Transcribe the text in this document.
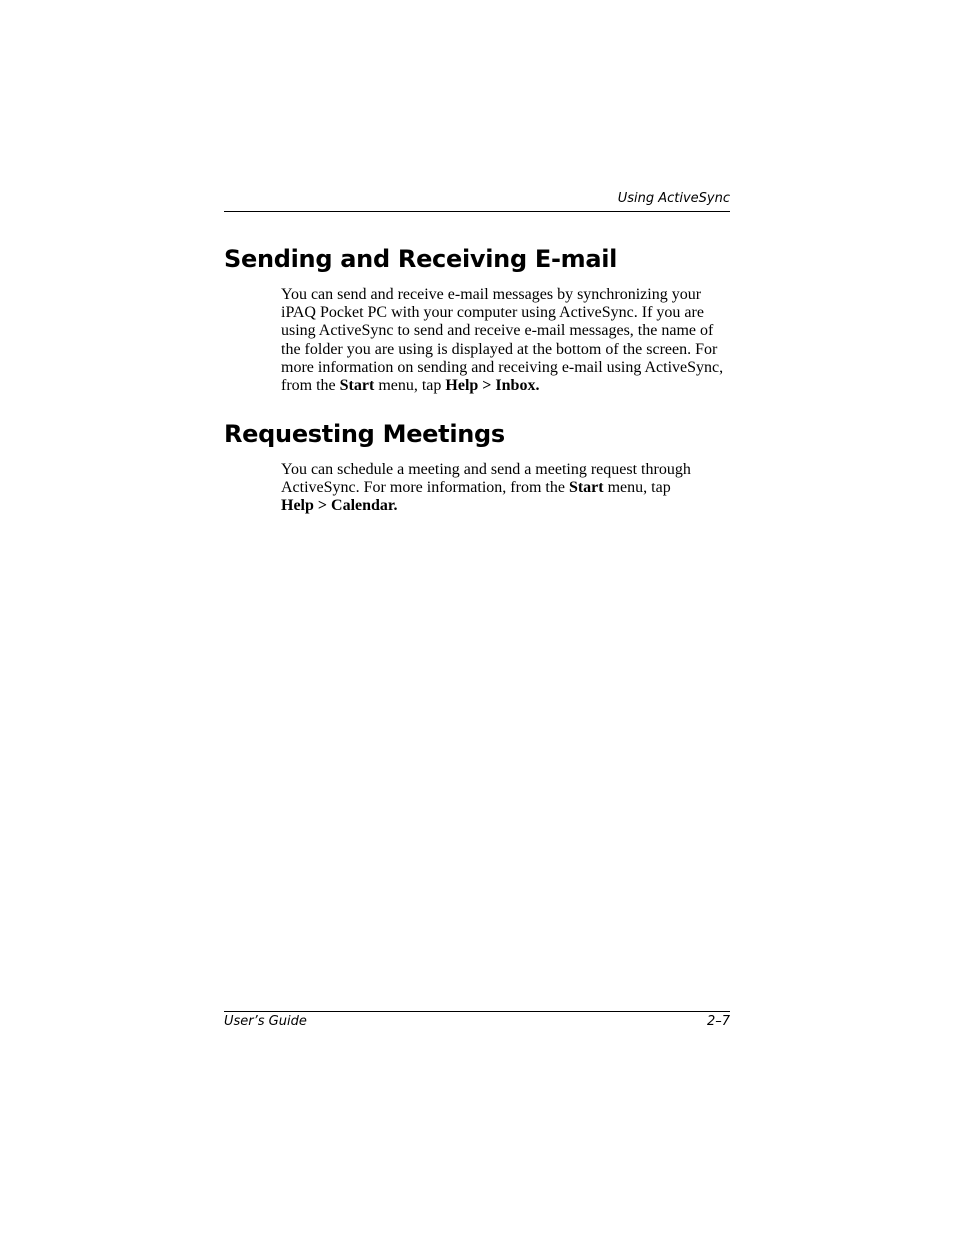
Using ActiveSync
Sending and Receiving E-mail

You can send and receive e-mail messages by synchronizing your iPAQ Pocket PC with your computer using ActiveSync. If you are using ActiveSync to send and receive e-mail messages, the name of the folder you are using is displayed at the bottom of the screen. For more information on sending and receiving e-mail using ActiveSync, from the Start menu, tap Help > Inbox.

Requesting Meetings

You can schedule a meeting and send a meeting request through ActiveSync. For more information, from the Start menu, tap
Help > Calendar.

User’s Guide	2–7
